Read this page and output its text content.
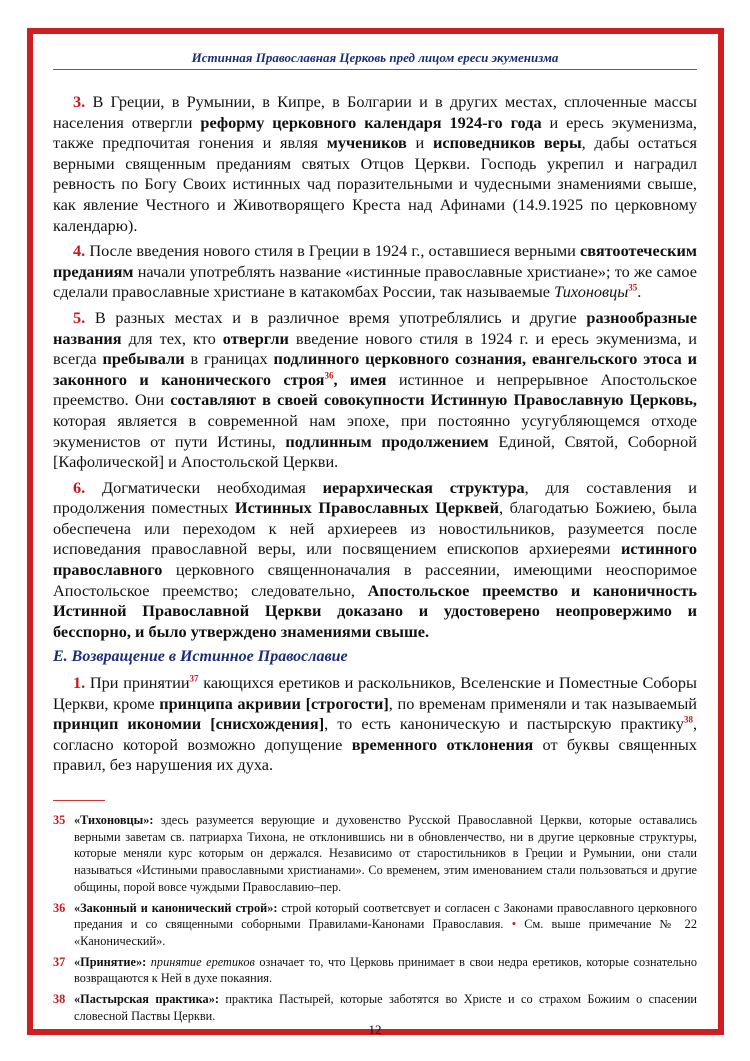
Истинная Православная Церковь пред лицом ереси экуменизма

3. В Греции, в Румынии, в Кипре, в Болгарии и в других местах, сплоченные массы населения отвергли реформу церковного календаря 1924-го года и ересь экуменизма, также предпочитая гонения и являя мучеников и исповедников веры, дабы остаться верными священным преданиям святых Отцов Церкви. Господь укрепил и наградил ревность по Богу Своих истинных чад поразительными и чудесными знамениями свыше, как явление Честного и Животворящего Креста над Афинами (14.9.1925 по церковному календарю).

4. После введения нового стиля в Греции в 1924 г., оставшиеся верными святоотеческим преданиям начали употреблять название «истинные православные христиане»; то же самое сделали православные христиане в катакомбах России, так называемые Тихоновцы$^{35}$.

5. В разных местах и в различное время употреблялись и другие разнообразные названия для тех, кто отвергли введение нового стиля в 1924 г. и ересь экуменизма, и всегда пребывали в границах подлинного церковного сознания, евангельского этоса и законного и канонического строя$^{36}$, имея истинное и непрерывное Апостольское преемство. Они составляют в своей совокупности Истинную Православную Церковь, которая является в современной нам эпохе, при постоянно усугубляющемся отходе экуменистов от пути Истины, подлинным продолжением Единой, Святой, Соборной [Кафолической] и Апостольской Церкви.

6. Догматически необходимая иерархическая структура, для составления и продолжения поместных Истинных Православных Церквей, благодатью Божиею, была обеспечена или переходом к ней архиереев из новостильников, разумеется после исповедания православной веры, или посвящением епископов архиереями истинного православного церковного священноначалия в рассеянии, имеющими неоспоримое Апостольское преемство; следовательно, Апостольское преемство и каноничность Истинной Православной Церкви доказано и удостоверено неопровержимо и бесспорно, и было утверждено знамениями свыше.

Е. Возвращение в Истинное Православие

1. При принятии$^{37}$ кающихся еретиков и раскольников, Вселенские и Поместные Соборы Церкви, кроме принципа акривии [строгости], по временам применяли и так называемый принцип икономии [снисхождения], то есть каноническую и пастырскую практику$^{38}$, согласно которой возможно допущение временного отклонения от буквы священных правил, без нарушения их духа.

35 «Тихоновцы»: здесь разумеется верующие и духовенство Русской Православной Церкви, которые оставались верными заветам св. патриарха Тихона, не отклонившись ни в обновленчество, ни в другие церковные структуры, которые меняли курс которым он держался. Независимо от старостильников в Греции и Румынии, они стали называться «Истиными православными христианами». Со временем, этим именованием стали пользоваться и другие общины, порой вовсе чуждыми Православию–пер.
36 «Законный и канонический строй»: строй который соответсвует и согласен с Законами православного церковного предания и со священными соборными Правилами-Канонами Православия. • См. выше примечание № 22 «Канонический».
37 «Принятие»: принятие еретиков означает то, что Церковь принимает в свои недра еретиков, которые сознательно возвращаются к Ней в духе покаяния.
38 «Пастырская практика»: практика Пастырей, которые заботятся во Христе и со страхом Божиим о спасении словесной Паствы Церкви.
12
